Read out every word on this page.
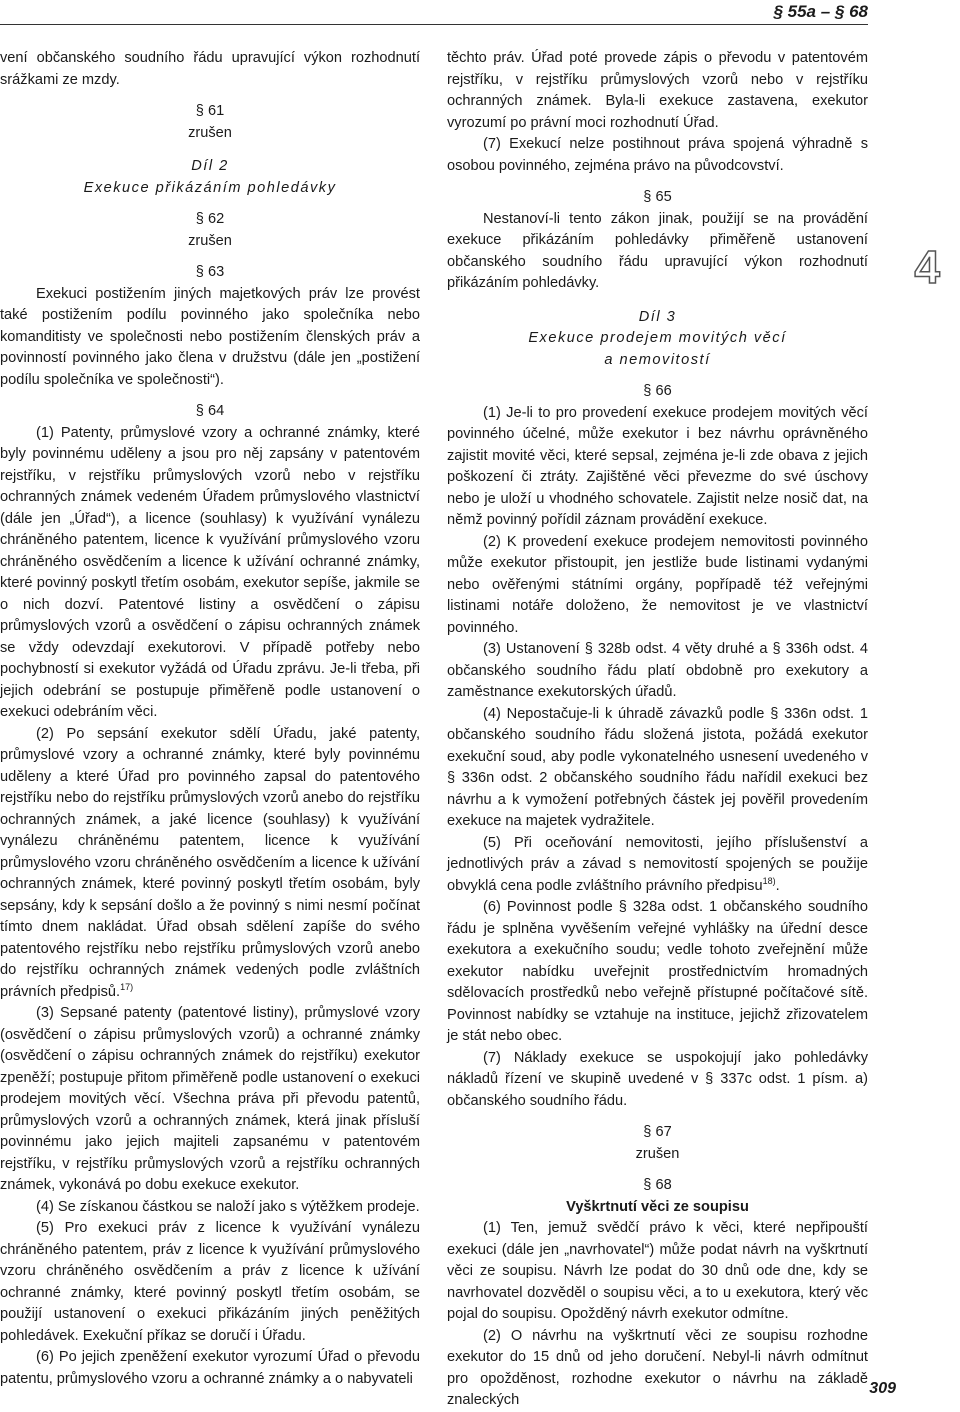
§ 55a – § 68
4

vení občanského soudního řádu upravující výkon rozhodnutí srážkami ze mzdy.

§ 61
zrušen
Díl 2
Exekuce přikázáním pohledávky
§ 62
zrušen
§ 63

Exekuci postižením jiných majetkových práv lze provést také postižením podílu povinného jako společníka nebo komanditisty ve společnosti nebo postižením členských práv a povinností povinného jako člena v družstvu (dále jen „postižení podílu společníka ve společnosti“).

§ 64

(1) Patenty, průmyslové vzory a ochranné známky, které byly povinnému uděleny a jsou pro něj zapsány v patentovém rejstříku, v rejstříku průmyslových vzorů nebo v rejstříku ochranných známek vedeném Úřadem průmyslového vlastnictví (dále jen „Úřad“), a licence (souhlasy) k využívání vynálezu chráněného patentem, licence k využívání průmyslového vzoru chráněného osvědčením a licence k užívání ochranné známky, které povinný poskytl třetím osobám, exekutor sepíše, jakmile se o nich dozví. Patentové listiny a osvědčení o zápisu průmyslových vzorů a osvědčení o zápisu ochranných známek se vždy odevzdají exekutorovi. V případě potřeby nebo pochybností si exekutor vyžádá od Úřadu zprávu. Je-li třeba, při jejich odebrání se postupuje přiměřeně podle ustanovení o exekuci odebráním věci.

(2) Po sepsání exekutor sdělí Úřadu, jaké patenty, průmyslové vzory a ochranné známky, které byly povinnému uděleny a které Úřad pro povinného zapsal do patentového rejstříku nebo do rejstříku průmyslových vzorů anebo do rejstříku ochranných známek, a jaké licence (souhlasy) k využívání vynálezu chráněnému patentem, licence k využívání průmyslového vzoru chráněného osvědčením a licence k užívání ochranných známek, které povinný poskytl třetím osobám, byly sepsány, kdy k sepsání došlo a že povinný s nimi nesmí počínat tímto dnem nakládat. Úřad obsah sdělení zapíše do svého patentového rejstříku nebo rejstříku průmyslových vzorů anebo do rejstříku ochranných známek vedených podle zvláštních právních předpisů.$^{17)}$

(3) Sepsané patenty (patentové listiny), průmyslové vzory (osvědčení o zápisu průmyslových vzorů) a ochranné známky (osvědčení o zápisu ochranných známek do rejstříku) exekutor zpeněží; postupuje přitom přiměřeně podle ustanovení o exekuci prodejem movitých věcí. Všechna práva při převodu patentů, průmyslových vzorů a ochranných známek, která jinak přísluší povinnému jako jejich majiteli zapsanému v patentovém rejstříku, v rejstříku průmyslových vzorů a rejstříku ochranných známek, vykonává po dobu exekuce exekutor.

(4) Se získanou částkou se naloží jako s výtěžkem prodeje.

(5) Pro exekuci práv z licence k využívání vynálezu chráněného patentem, práv z licence k využívání průmyslového vzoru chráněného osvědčením a práv z licence k užívání ochranné známky, které povinný poskytl třetím osobám, se použijí ustanovení o exekuci přikázáním jiných peněžitých pohledávek. Exekuční příkaz se doručí i Úřadu.

(6) Po jejich zpeněžení exekutor vyrozumí Úřad o převodu patentu, průmyslového vzoru a ochranné známky a o nabyvateli

těchto práv. Úřad poté provede zápis o převodu v patentovém rejstříku, v rejstříku průmyslových vzorů nebo v rejstříku ochranných známek. Byla-li exekuce zastavena, exekutor vyrozumí po právní moci rozhodnutí Úřad.

(7) Exekucí nelze postihnout práva spojená výhradně s osobou povinného, zejména právo na původcovství.

§ 65

Nestanoví-li tento zákon jinak, použijí se na provádění exekuce přikázáním pohledávky přiměřeně ustanovení občanského soudního řádu upravující výkon rozhodnutí přikázáním pohledávky.

Díl 3
Exekuce prodejem movitých věcí
a nemovitostí
§ 66

(1) Je-li to pro provedení exekuce prodejem movitých věcí povinného účelné, může exekutor i bez návrhu oprávněného zajistit movité věci, které sepsal, zejména je-li zde obava z jejich poškození či ztráty. Zajištěné věci převezme do své úschovy nebo je uloží u vhodného schovatele. Zajistit nelze nosič dat, na němž povinný pořídil záznam provádění exekuce.

(2) K provedení exekuce prodejem nemovitosti povinného může exekutor přistoupit, jen jestliže bude listinami vydanými nebo ověřenými státními orgány, popřípadě též veřejnými listinami notáře doloženo, že nemovitost je ve vlastnictví povinného.

(3) Ustanovení § 328b odst. 4 věty druhé a § 336h odst. 4 občanského soudního řádu platí obdobně pro exekutory a zaměstnance exekutorských úřadů.

(4) Nepostačuje-li k úhradě závazků podle § 336n odst. 1 občanského soudního řádu složená jistota, požádá exekutor exekuční soud, aby podle vykonatelného usnesení uvedeného v § 336n odst. 2 občanského soudního řádu nařídil exekuci bez návrhu a k vymožení potřebných částek jej pověřil provedením exekuce na majetek vydražitele.

(5) Při oceňování nemovitosti, jejího příslušenství a jednotlivých práv a závad s nemovitostí spojených se použije obvyklá cena podle zvláštního právního předpisu$^{18)}$.

(6) Povinnost podle § 328a odst. 1 občanského soudního řádu je splněna vyvěšením veřejné vyhlášky na úřední desce exekutora a exekučního soudu; vedle tohoto zveřejnění může exekutor nabídku uveřejnit prostřednictvím hromadných sdělovacích prostředků nebo veřejně přístupné počítačové sítě. Povinnost nabídky se vztahuje na instituce, jejichž zřizovatelem je stát nebo obec.

(7) Náklady exekuce se uspokojují jako pohledávky nákladů řízení ve skupině uvedené v § 337c odst. 1 písm. a) občanského soudního řádu.

§ 67
zrušen
§ 68
Vyškrtnutí věci ze soupisu

(1) Ten, jemuž svědčí právo k věci, které nepřipouští exekuci (dále jen „navrhovatel“) může podat návrh na vyškrtnutí věci ze soupisu. Návrh lze podat do 30 dnů ode dne, kdy se navrhovatel dozvěděl o soupisu věci, a to u exekutora, který věc pojal do soupisu. Opožděný návrh exekutor odmítne.

(2) O návrhu na vyškrtnutí věci ze soupisu rozhodne exekutor do 15 dnů od jeho doručení. Nebyl-li návrh odmítnut pro opožděnost, rozhodne exekutor o návrhu na základě znaleckých

309
